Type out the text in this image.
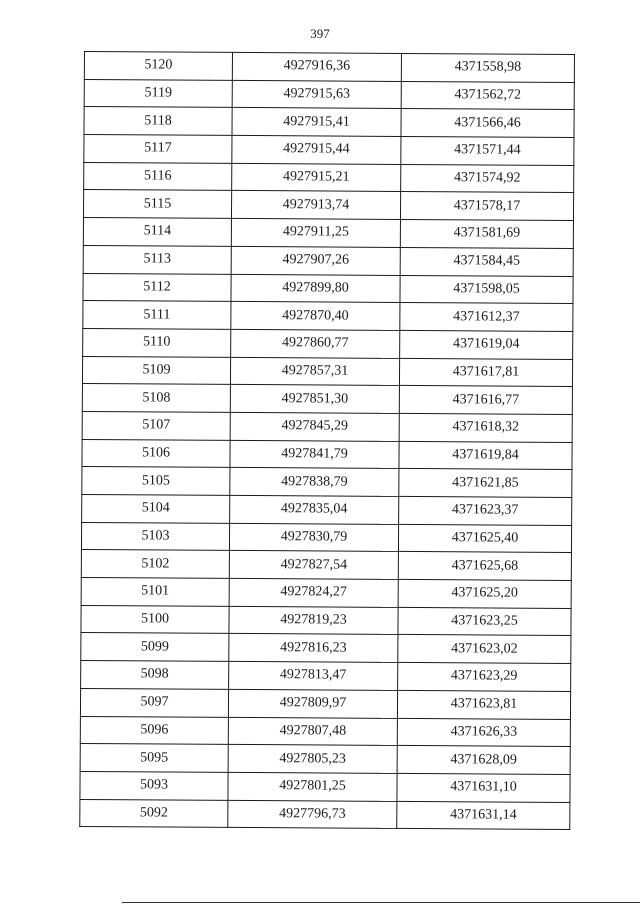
397
5120	4927916,36	4371558,98
5119	4927915,63	4371562,72
5118	4927915,41	4371566,46
5117	4927915,44	4371571,44
5116	4927915,21	4371574,92
5115	4927913,74	4371578,17
5114	4927911,25	4371581,69
5113	4927907,26	4371584,45
5112	4927899,80	4371598,05
5111	4927870,40	4371612,37
5110	4927860,77	4371619,04
5109	4927857,31	4371617,81
5108	4927851,30	4371616,77
5107	4927845,29	4371618,32
5106	4927841,79	4371619,84
5105	4927838,79	4371621,85
5104	4927835,04	4371623,37
5103	4927830,79	4371625,40
5102	4927827,54	4371625,68
5101	4927824,27	4371625,20
5100	4927819,23	4371623,25
5099	4927816,23	4371623,02
5098	4927813,47	4371623,29
5097	4927809,97	4371623,81
5096	4927807,48	4371626,33
5095	4927805,23	4371628,09
5093	4927801,25	4371631,10
5092	4927796,73	4371631,14
